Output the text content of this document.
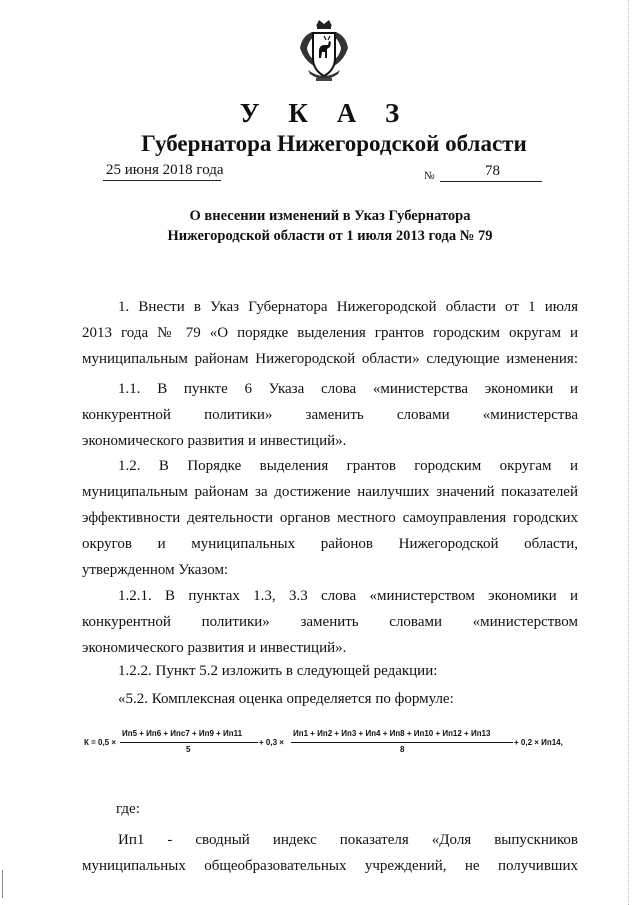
У К А З
Губернатора Нижегородской области
25 июня 2018 года	№	78
О внесении изменений в Указ Губернатора
Нижегородской области от 1 июля 2013 года № 79
1. Внести в Указ Губернатора Нижегородской области от 1 июля
2013 года № 79 «О порядке выделения грантов городским округам и
муниципальным районам Нижегородской области» следующие изменения:
1.1. В пункте 6 Указа слова «министерства экономики и
конкурентной политики» заменить словами «министерства
экономического развития и инвестиций».
1.2. В Порядке выделения грантов городским округам и
муниципальным районам за достижение наилучших значений показателей
эффективности деятельности органов местного самоуправления городских
округов и муниципальных районов Нижегородской области,
утвержденном Указом:
1.2.1. В пунктах 1.3, 3.3 слова «министерством экономики и
конкурентной политики» заменить словами «министерством
экономического развития и инвестиций».
1.2.2. Пункт 5.2 изложить в следующей редакции:
«5.2. Комплексная оценка определяется по формуле:
К = 0,5 ×
Ип5 + Ип6 + Ипс7 + Ип9 + Ип11
5
+ 0,3 ×
Ип1 + Ип2 + Ип3 + Ип4 + Ип8 + Ип10 + Ип12 + Ип13
8
+ 0,2 × Ип14,
где:
Ип1 - сводный индекс показателя «Доля выпускников
муниципальных общеобразовательных учреждений, не получивших
